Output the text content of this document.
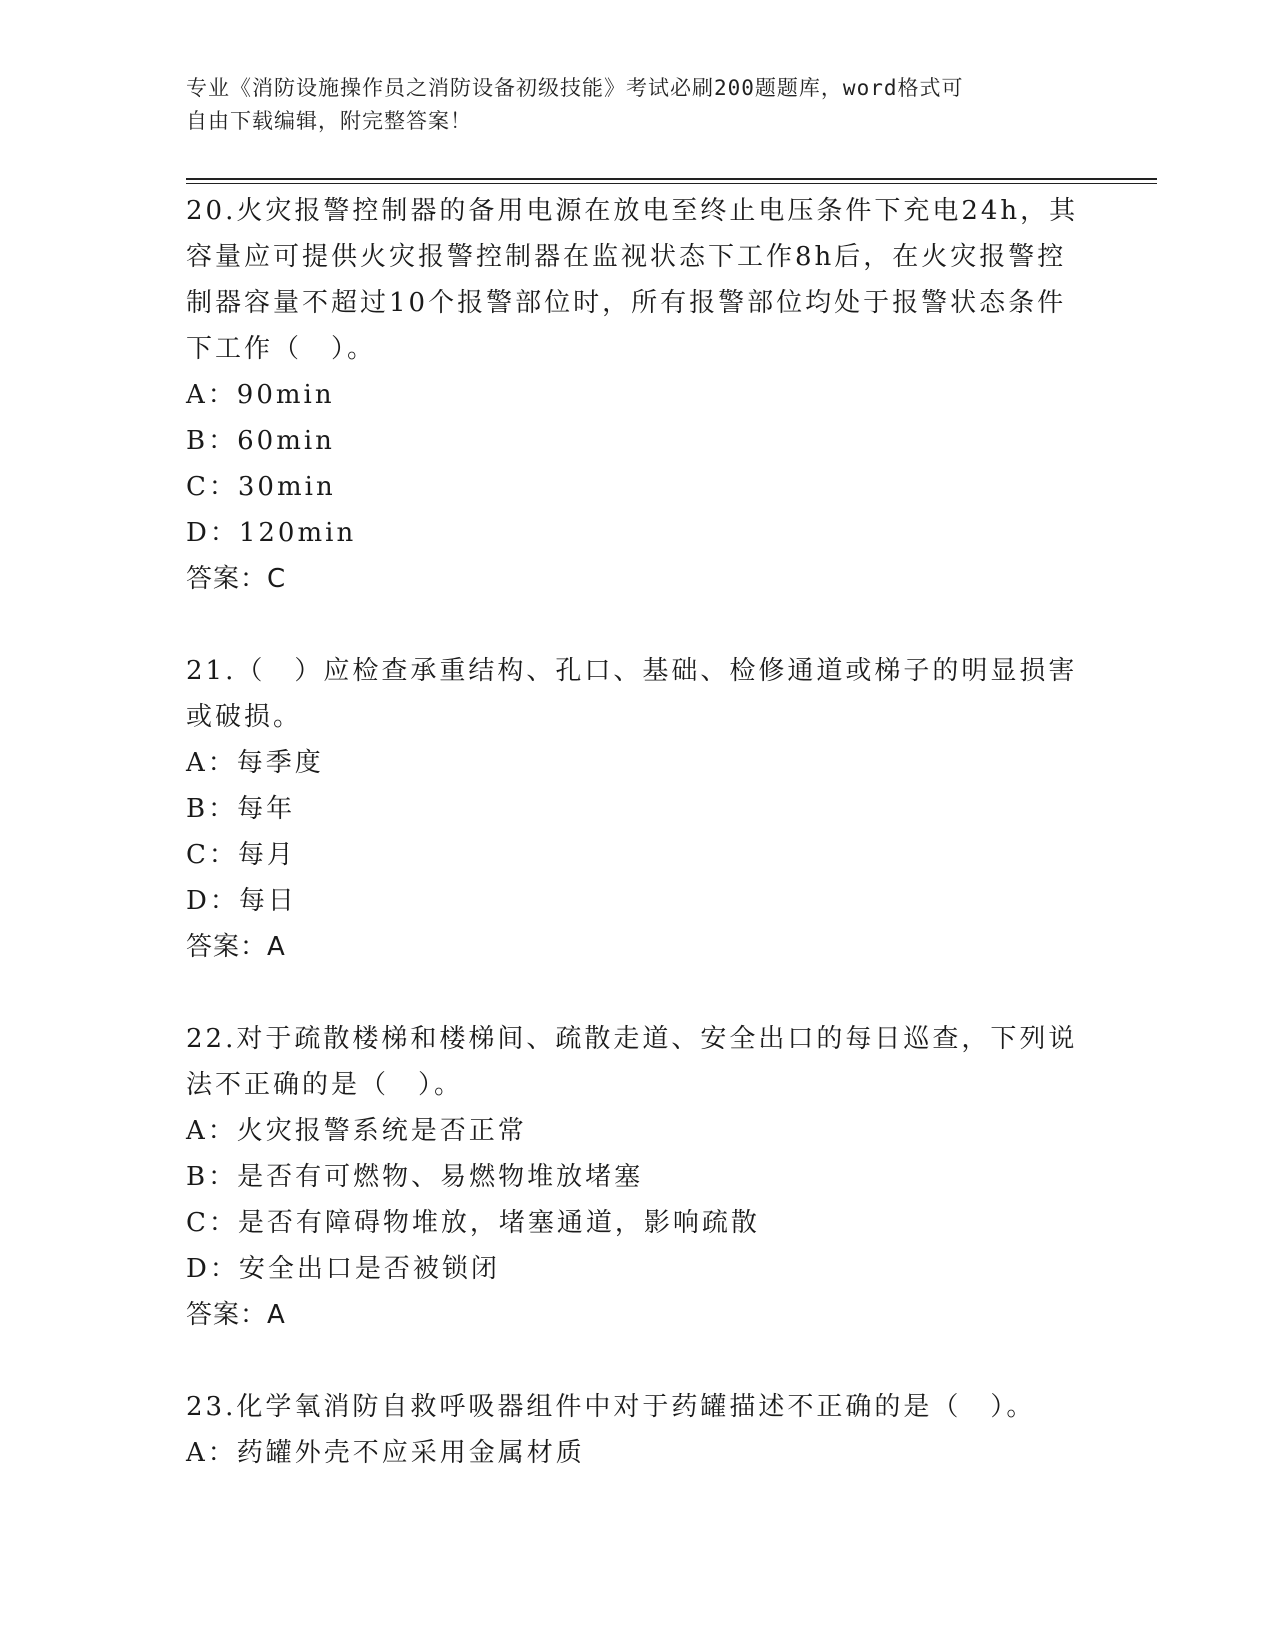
专业《消防设施操作员之消防设备初级技能》考试必刷200题题库，word格式可
自由下载编辑，附完整答案！

20.火灾报警控制器的备用电源在放电至终止电压条件下充电24h，其

容量应可提供火灾报警控制器在监视状态下工作8h后，在火灾报警控

制器容量不超过10个报警部位时，所有报警部位均处于报警状态条件

下工作（　）。

A：90min

B：60min

C：30min

D：120min

答案：C

21.（　）应检查承重结构、孔口、基础、检修通道或梯子的明显损害

或破损。

A：每季度

B：每年

C：每月

D：每日

答案：A

22.对于疏散楼梯和楼梯间、疏散走道、安全出口的每日巡查，下列说

法不正确的是（　）。

A：火灾报警系统是否正常

B：是否有可燃物、易燃物堆放堵塞

C：是否有障碍物堆放，堵塞通道，影响疏散

D：安全出口是否被锁闭

答案：A

23.化学氧消防自救呼吸器组件中对于药罐描述不正确的是（　）。

A：药罐外壳不应采用金属材质
